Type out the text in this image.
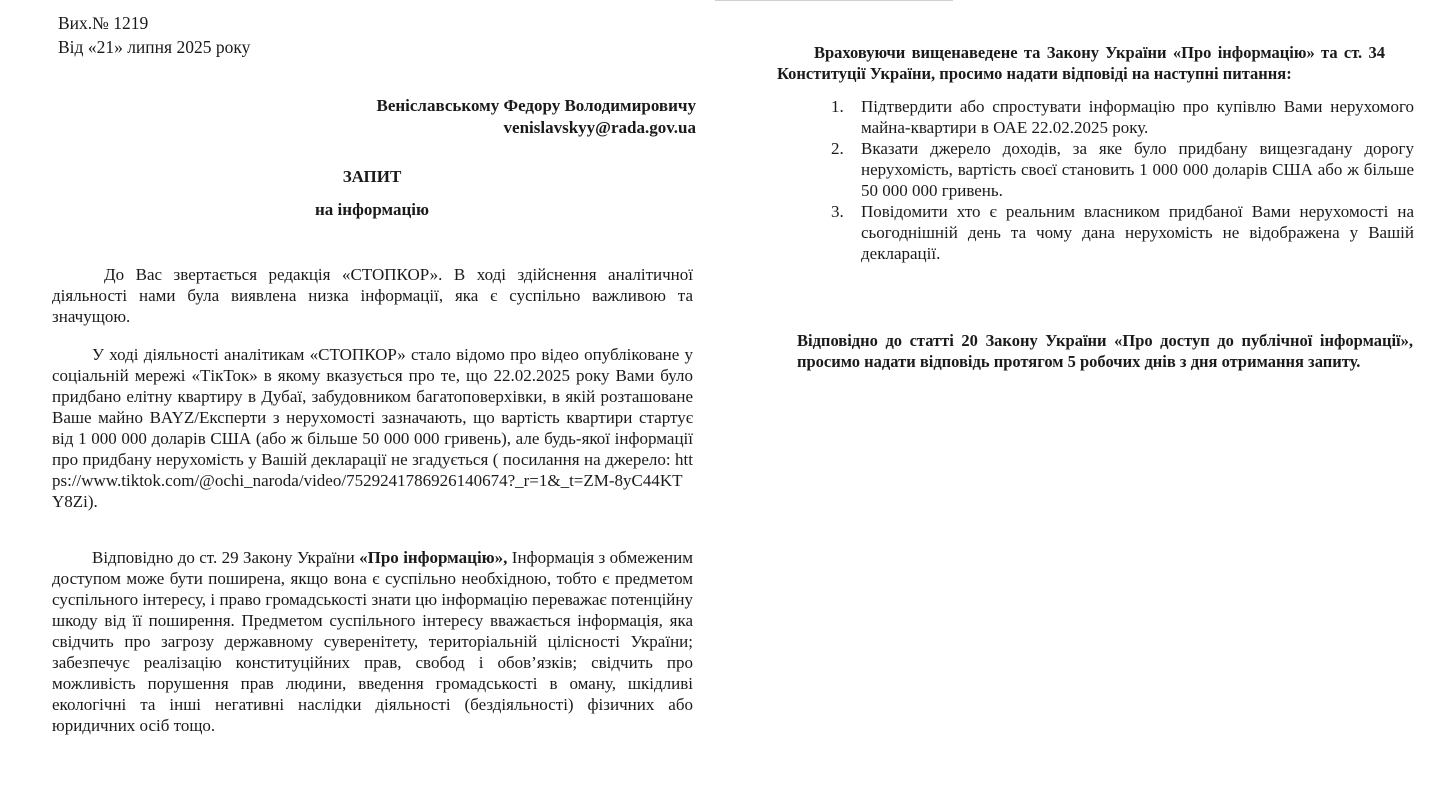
Вих.№ 1219
Від «21» липня 2025 року
Веніславському Федору Володимировичу
venislavskyy@rada.gov.ua
ЗАПИТ
на інформацію
До Вас звертається редакція «СТОПКОР». В ході здійснення аналітичної діяльності нами була виявлена низка інформації, яка є суспільно важливою та значущою.
У ході діяльності аналітикам «СТОПКОР» стало відомо про відео опубліковане у соціальній мережі «ТікТок» в якому вказується про те, що 22.02.2025 року Вами було придбано елітну квартиру в Дубаї, забудовником багатоповерхівки, в якій розташоване Ваше майно BAYZ/Експерти з нерухомості зазначають, що вартість квартири стартує від 1 000 000 доларів США (або ж більше 50 000 000 гривень), але будь-якої інформації про придбану нерухомість у Вашій декларації не згадується ( посилання на джерело: https://www.tiktok.com/@ochi_naroda/video/7529241786926140674?_r=1&_t=ZM-8yC44KTY8Zi).
Відповідно до ст. 29 Закону України «Про інформацію», Інформація з обмеженим доступом може бути поширена, якщо вона є суспільно необхідною, тобто є предметом суспільного інтересу, і право громадськості знати цю інформацію переважає потенційну шкоду від її поширення. Предметом суспільного інтересу вважається інформація, яка свідчить про загрозу державному суверенітету, територіальній цілісності України; забезпечує реалізацію конституційних прав, свобод і обов’язків; свідчить про можливість порушення прав людини, введення громадськості в оману, шкідливі екологічні та інші негативні наслідки діяльності (бездіяльності) фізичних або юридичних осіб тощо.
Враховуючи вищенаведене та Закону України «Про інформацію» та ст. 34 Конституції України, просимо надати відповіді на наступні питання:
1. Підтвердити або спростувати інформацію про купівлю Вами нерухомого майна-квартири в ОАЕ 22.02.2025 року.
2. Вказати джерело доходів, за яке було придбану вищезгадану дорогу нерухомість, вартість своєї становить 1 000 000 доларів США або ж більше 50 000 000 гривень.
3. Повідомити хто є реальним власником придбаної Вами нерухомості на сьогоднішній день та чому дана нерухомість не відображена у Вашій декларації.
Відповідно до статті 20 Закону України «Про доступ до публічної інформації», просимо надати відповідь протягом 5 робочих днів з дня отримання запиту.
